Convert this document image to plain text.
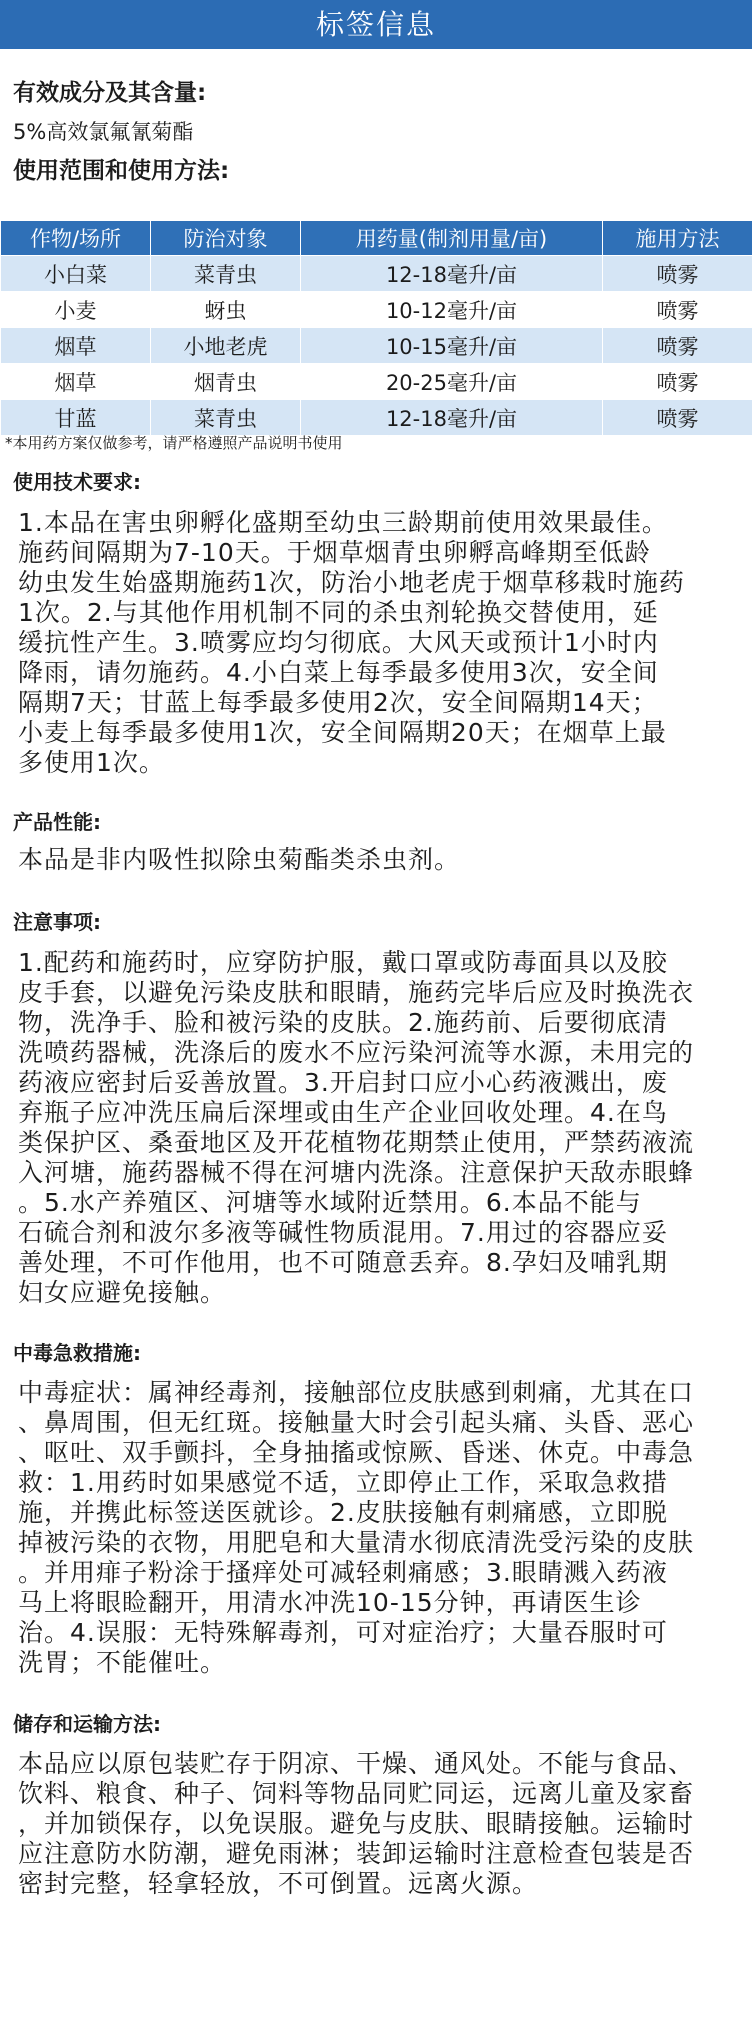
标签信息
有效成分及其含量:
5%高效氯氟氰菊酯
使用范围和使用方法:
作物/场所	防治对象	用药量(制剂用量/亩)	施用方法
小白菜	菜青虫	12-18毫升/亩	喷雾
小麦	蚜虫	10-12毫升/亩	喷雾
烟草	小地老虎	10-15毫升/亩	喷雾
烟草	烟青虫	20-25毫升/亩	喷雾
甘蓝	菜青虫	12-18毫升/亩	喷雾
*本用药方案仅做参考，请严格遵照产品说明书使用
使用技术要求:
1.本品在害虫卵孵化盛期至幼虫三龄期前使用效果最佳。
施药间隔期为7-10天。于烟草烟青虫卵孵高峰期至低龄
幼虫发生始盛期施药1次，防治小地老虎于烟草移栽时施药
1次。2.与其他作用机制不同的杀虫剂轮换交替使用，延
缓抗性产生。3.喷雾应均匀彻底。大风天或预计1小时内
降雨，请勿施药。4.小白菜上每季最多使用3次，安全间
隔期7天；甘蓝上每季最多使用2次，安全间隔期14天；
小麦上每季最多使用1次，安全间隔期20天；在烟草上最
多使用1次。
产品性能:
本品是非内吸性拟除虫菊酯类杀虫剂。
注意事项:
1.配药和施药时，应穿防护服，戴口罩或防毒面具以及胶
皮手套，以避免污染皮肤和眼睛，施药完毕后应及时换洗衣
物，洗净手、脸和被污染的皮肤。2.施药前、后要彻底清
洗喷药器械，洗涤后的废水不应污染河流等水源，未用完的
药液应密封后妥善放置。3.开启封口应小心药液溅出，废
弃瓶子应冲洗压扁后深埋或由生产企业回收处理。4.在鸟
类保护区、桑蚕地区及开花植物花期禁止使用，严禁药液流
入河塘，施药器械不得在河塘内洗涤。注意保护天敌赤眼蜂
。5.水产养殖区、河塘等水域附近禁用。6.本品不能与
石硫合剂和波尔多液等碱性物质混用。7.用过的容器应妥
善处理，不可作他用，也不可随意丢弃。8.孕妇及哺乳期
妇女应避免接触。
中毒急救措施:
中毒症状：属神经毒剂，接触部位皮肤感到刺痛，尤其在口
、鼻周围，但无红斑。接触量大时会引起头痛、头昏、恶心
、呕吐、双手颤抖，全身抽搐或惊厥、昏迷、休克。中毒急
救：1.用药时如果感觉不适，立即停止工作，采取急救措
施，并携此标签送医就诊。2.皮肤接触有刺痛感，立即脱
掉被污染的衣物，用肥皂和大量清水彻底清洗受污染的皮肤
。并用痱子粉涂于搔痒处可减轻刺痛感；3.眼睛溅入药液
马上将眼睑翻开，用清水冲洗10-15分钟，再请医生诊
治。4.误服：无特殊解毒剂，可对症治疗；大量吞服时可
洗胃；不能催吐。
储存和运输方法:
本品应以原包装贮存于阴凉、干燥、通风处。不能与食品、
饮料、粮食、种子、饲料等物品同贮同运，远离儿童及家畜
，并加锁保存，以免误服。避免与皮肤、眼睛接触。运输时
应注意防水防潮，避免雨淋；装卸运输时注意检查包装是否
密封完整，轻拿轻放，不可倒置。远离火源。
